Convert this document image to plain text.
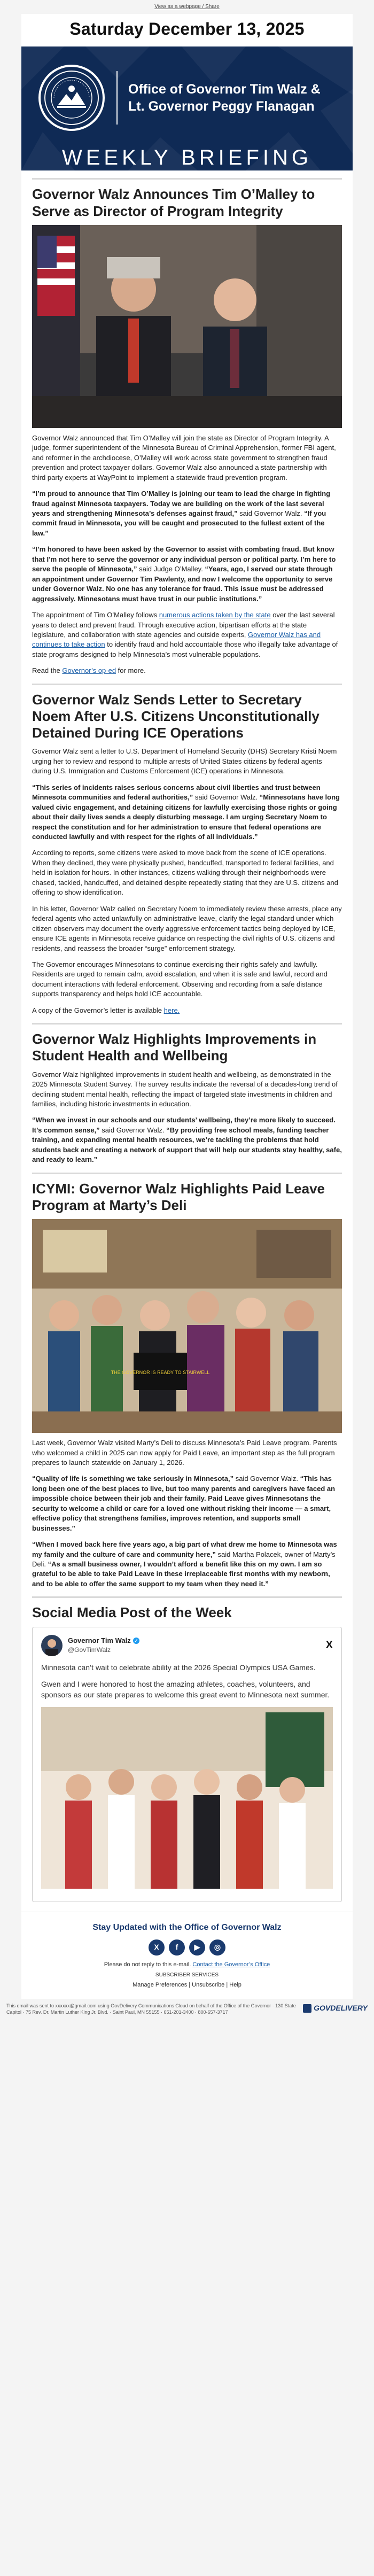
View as a webpage / Share
Saturday December 13, 2025
Office of Governor Tim Walz &
Lt. Governor Peggy Flanagan
WEEKLY BRIEFING
Governor Walz Announces Tim O’Malley to Serve as Director of Program Integrity

Governor Walz announced that Tim O’Malley will join the state as Director of Program Integrity. A judge, former superintendent of the Minnesota Bureau of Criminal Apprehension, former FBI agent, and reformer in the archdiocese, O’Malley will work across state government to strengthen fraud prevention and protect taxpayer dollars. Governor Walz also announced a state partnership with third party experts at WayPoint to implement a statewide fraud prevention program.

“I’m proud to announce that Tim O’Malley is joining our team to lead the charge in fighting fraud against Minnesota taxpayers. Today we are building on the work of the last several years and strengthening Minnesota’s defenses against fraud,” said Governor Walz. “If you commit fraud in Minnesota, you will be caught and prosecuted to the fullest extent of the law.”

“I’m honored to have been asked by the Governor to assist with combating fraud. But know that I’m not here to serve the governor or any individual person or political party. I’m here to serve the people of Minnesota,” said Judge O’Malley. “Years, ago, I served our state through an appointment under Governor Tim Pawlenty, and now I welcome the opportunity to serve under Governor Walz. No one has any tolerance for fraud. This issue must be addressed aggressively. Minnesotans must have trust in our public institutions.”

The appointment of Tim O’Malley follows numerous actions taken by the state over the last several years to detect and prevent fraud. Through executive action, bipartisan efforts at the state legislature, and collaboration with state agencies and outside experts, Governor Walz has and continues to take action to identify fraud and hold accountable those who illegally take advantage of state programs designed to help Minnesota’s most vulnerable populations.

Read the Governor’s op-ed for more.

Governor Walz Sends Letter to Secretary Noem After U.S. Citizens Unconstitutionally Detained During ICE Operations

Governor Walz sent a letter to U.S. Department of Homeland Security (DHS) Secretary Kristi Noem urging her to review and respond to multiple arrests of United States citizens by federal agents during U.S. Immigration and Customs Enforcement (ICE) operations in Minnesota.

“This series of incidents raises serious concerns about civil liberties and trust between Minnesota communities and federal authorities,” said Governor Walz. “Minnesotans have long valued civic engagement, and detaining citizens for lawfully exercising those rights or going about their daily lives sends a deeply disturbing message. I am urging Secretary Noem to respect the constitution and for her administration to ensure that federal operations are conducted lawfully and with respect for the rights of all individuals.”

According to reports, some citizens were asked to move back from the scene of ICE operations. When they declined, they were physically pushed, handcuffed, transported to federal facilities, and held in isolation for hours. In other instances, citizens walking through their neighborhoods were chased, tackled, handcuffed, and detained despite repeatedly stating that they are U.S. citizens and offering to show identification.

In his letter, Governor Walz called on Secretary Noem to immediately review these arrests, place any federal agents who acted unlawfully on administrative leave, clarify the legal standard under which citizen observers may document the overly aggressive enforcement tactics being deployed by ICE, ensure ICE agents in Minnesota receive guidance on respecting the civil rights of U.S. citizens and residents, and reassess the broader “surge” enforcement strategy.

The Governor encourages Minnesotans to continue exercising their rights safely and lawfully. Residents are urged to remain calm, avoid escalation, and when it is safe and lawful, record and document interactions with federal enforcement. Observing and recording from a safe distance supports transparency and helps hold ICE accountable.

A copy of the Governor’s letter is available here.

Governor Walz Highlights Improvements in Student Health and Wellbeing

Governor Walz highlighted improvements in student health and wellbeing, as demonstrated in the 2025 Minnesota Student Survey. The survey results indicate the reversal of a decades-long trend of declining student mental health, reflecting the impact of targeted state investments in children and families, including historic investments in education.

“When we invest in our schools and our students’ wellbeing, they’re more likely to succeed. It’s common sense,” said Governor Walz. “By providing free school meals, funding teacher training, and expanding mental health resources, we’re tackling the problems that hold students back and creating a network of support that will help our students stay healthy, safe, and ready to learn.”

ICYMI: Governor Walz Highlights Paid Leave Program at Marty’s Deli
THE GOVERNOR IS READY TO STAIRWELL

Last week, Governor Walz visited Marty’s Deli to discuss Minnesota’s Paid Leave program. Parents who welcomed a child in 2025 can now apply for Paid Leave, an important step as the full program prepares to launch statewide on January 1, 2026.

“Quality of life is something we take seriously in Minnesota,” said Governor Walz. “This has long been one of the best places to live, but too many parents and caregivers have faced an impossible choice between their job and their family. Paid Leave gives Minnesotans the security to welcome a child or care for a loved one without risking their income — a smart, effective policy that strengthens families, improves retention, and supports small businesses.”

“When I moved back here five years ago, a big part of what drew me home to Minnesota was my family and the culture of care and community here,” said Martha Polacek, owner of Marty’s Deli. “As a small business owner, I wouldn’t afford a benefit like this on my own. I am so grateful to be able to take Paid Leave in these irreplaceable first months with my newborn, and to be able to offer the same support to my team when they need it.”

Social Media Post of the Week
Governor Tim Walz ✓
@GovTimWalz	X

Minnesota can’t wait to celebrate ability at the 2026 Special Olympics USA Games.

Gwen and I were honored to host the amazing athletes, coaches, volunteers, and sponsors as our state prepares to welcome this great event to Minnesota next summer.

Stay Updated with the Office of Governor Walz
X	f	▶	◎
Please do not reply to this e-mail. Contact the Governor’s Office
SUBSCRIBER SERVICES
Manage Preferences | Unsubscribe | Help
This email was sent to xxxxxx@gmail.com using GovDelivery Communications Cloud on behalf of the Office of the Governor · 130 State Capitol · 75 Rev. Dr. Martin Luther King Jr. Blvd. · Saint Paul, MN 55155 · 651-201-3400 · 800-657-3717	GOVDELIVERY
